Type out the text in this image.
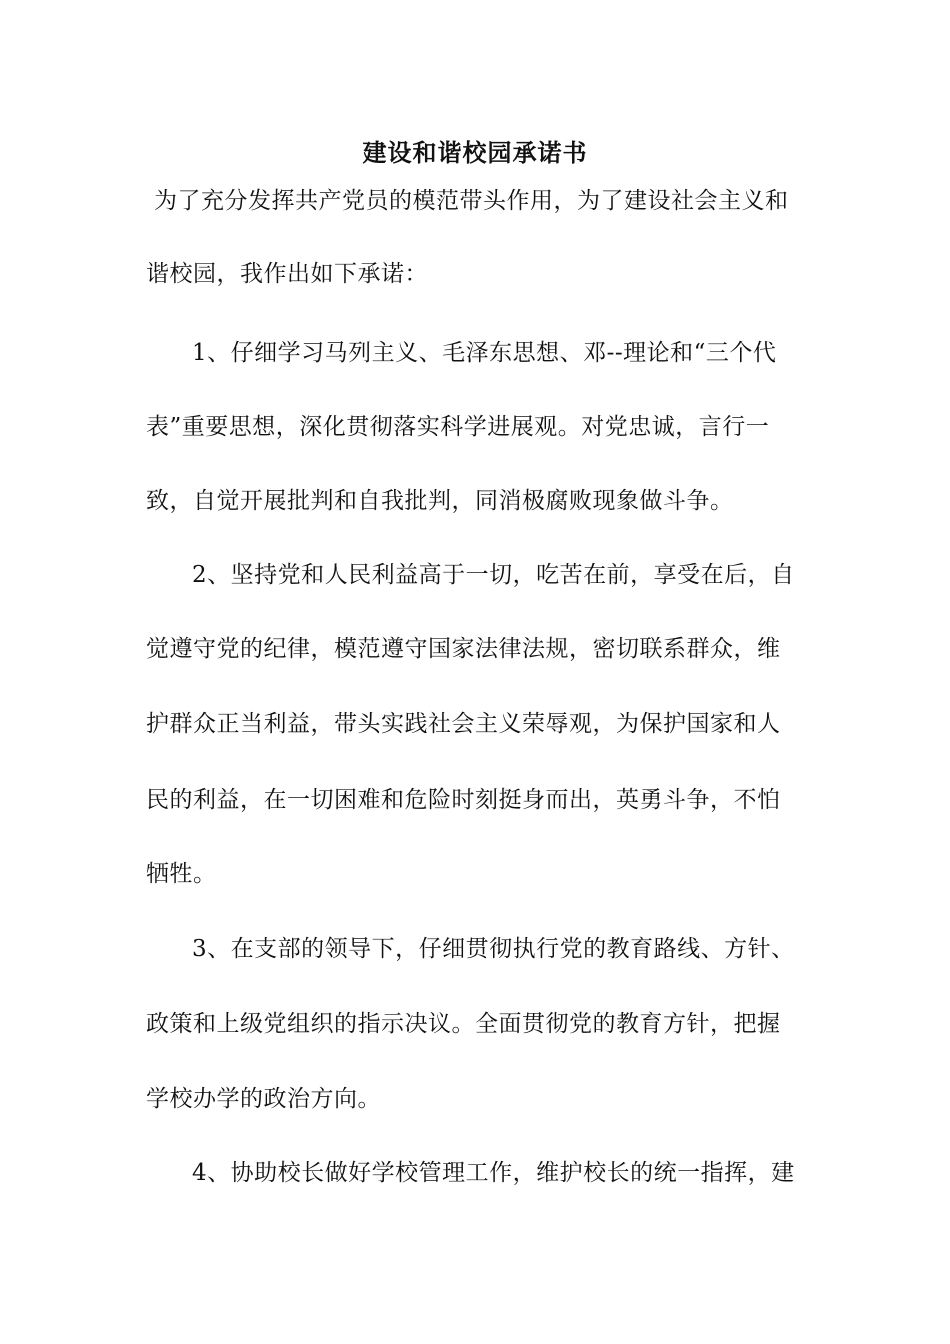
建设和谐校园承诺书
为了充分发挥共产党员的模范带头作用，为了建设社会主义和
谐校园，我作出如下承诺：
1、仔细学习马列主义、毛泽东思想、邓--理论和“三个代
表”重要思想，深化贯彻落实科学进展观。对党忠诚，言行一
致，自觉开展批判和自我批判，同消极腐败现象做斗争。
2、坚持党和人民利益高于一切，吃苦在前，享受在后，自
觉遵守党的纪律，模范遵守国家法律法规，密切联系群众，维
护群众正当利益，带头实践社会主义荣辱观，为保护国家和人
民的利益，在一切困难和危险时刻挺身而出，英勇斗争，不怕
牺牲。
3、在支部的领导下，仔细贯彻执行党的教育路线、方针、
政策和上级党组织的指示决议。全面贯彻党的教育方针，把握
学校办学的政治方向。
4、协助校长做好学校管理工作，维护校长的统一指挥，建
